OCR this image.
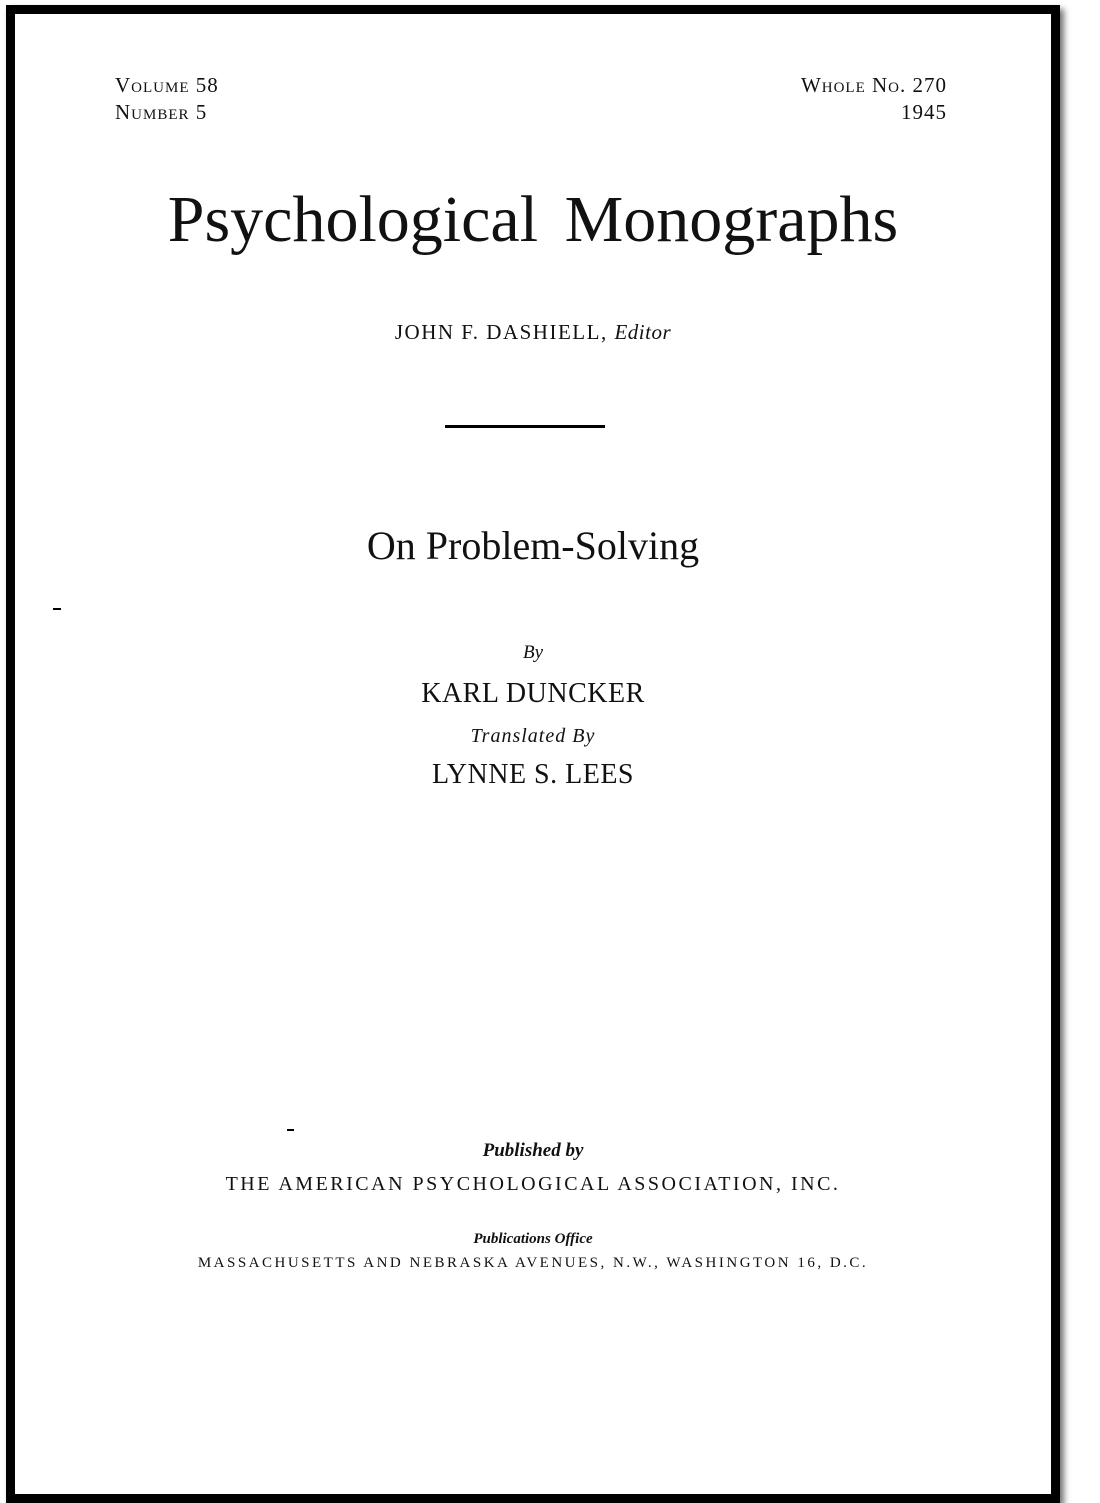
Volume 58
Number 5
Whole No. 270
1945
Psychological Monographs
JOHN F. DASHIELL, Editor
On Problem-Solving
By
KARL DUNCKER
Translated By
LYNNE S. LEES
Published by
THE AMERICAN PSYCHOLOGICAL ASSOCIATION, INC.
Publications Office
MASSACHUSETTS AND NEBRASKA AVENUES, N.W., WASHINGTON 16, D.C.
